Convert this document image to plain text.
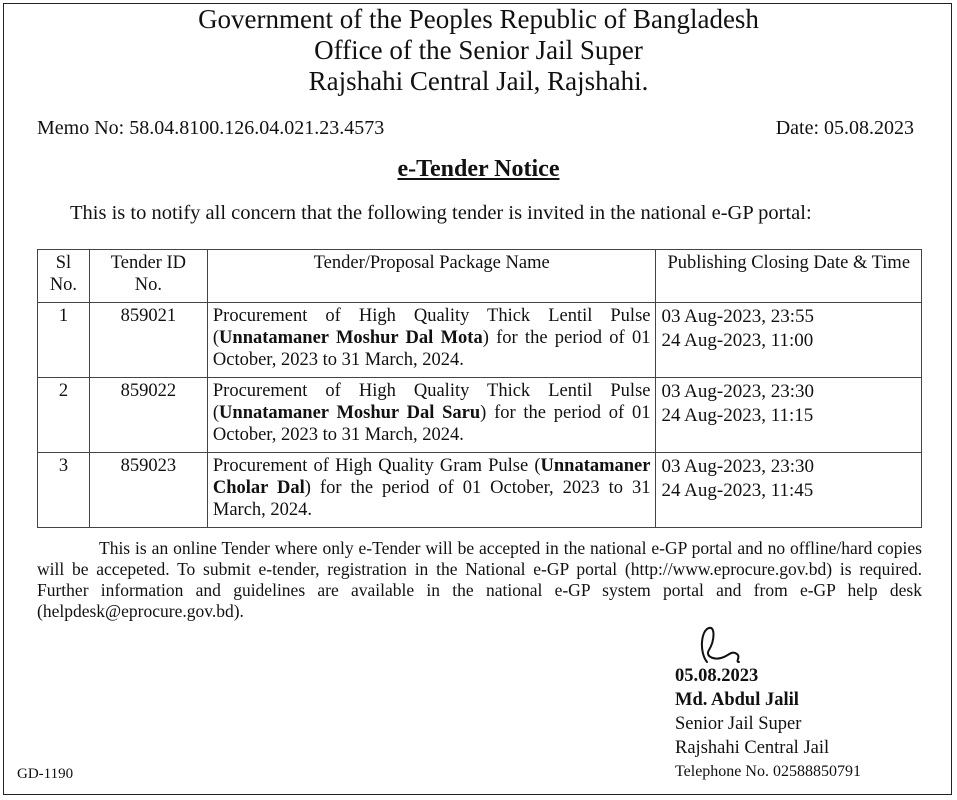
Government of the Peoples Republic of Bangladesh
Office of the Senior Jail Super
Rajshahi Central Jail, Rajshahi.
Memo No: 58.04.8100.126.04.021.23.4573	Date: 05.08.2023
e-Tender Notice
This is to notify all concern that the following tender is invited in the national e-GP portal:
Sl No.	Tender ID No.	Tender/Proposal Package Name	Publishing Closing Date & Time
1	859021	Procurement of High Quality Thick Lentil Pulse (Unnatamaner Moshur Dal Mota) for the period of 01 October, 2023 to 31 March, 2024.	03 Aug-2023, 23:55
24 Aug-2023, 11:00

2	859022	Procurement of High Quality Thick Lentil Pulse (Unnatamaner Moshur Dal Saru) for the period of 01 October, 2023 to 31 March, 2024.	03 Aug-2023, 23:30
24 Aug-2023, 11:15

3	859023	Procurement of High Quality Gram Pulse (Unnatamaner Cholar Dal) for the period of 01 October, 2023 to 31 March, 2024.	03 Aug-2023, 23:30
24 Aug-2023, 11:45
This is an online Tender where only e-Tender will be accepted in the national e-GP portal and no offline/hard copies will be accepeted. To submit e-tender, registration in the National e-GP portal (http://www.eprocure.gov.bd) is required. Further information and guidelines are available in the national e-GP system portal and from e-GP help desk (helpdesk@eprocure.gov.bd).
05.08.2023
Md. Abdul Jalil
Senior Jail Super
Rajshahi Central Jail
Telephone No. 02588850791
GD-1190
